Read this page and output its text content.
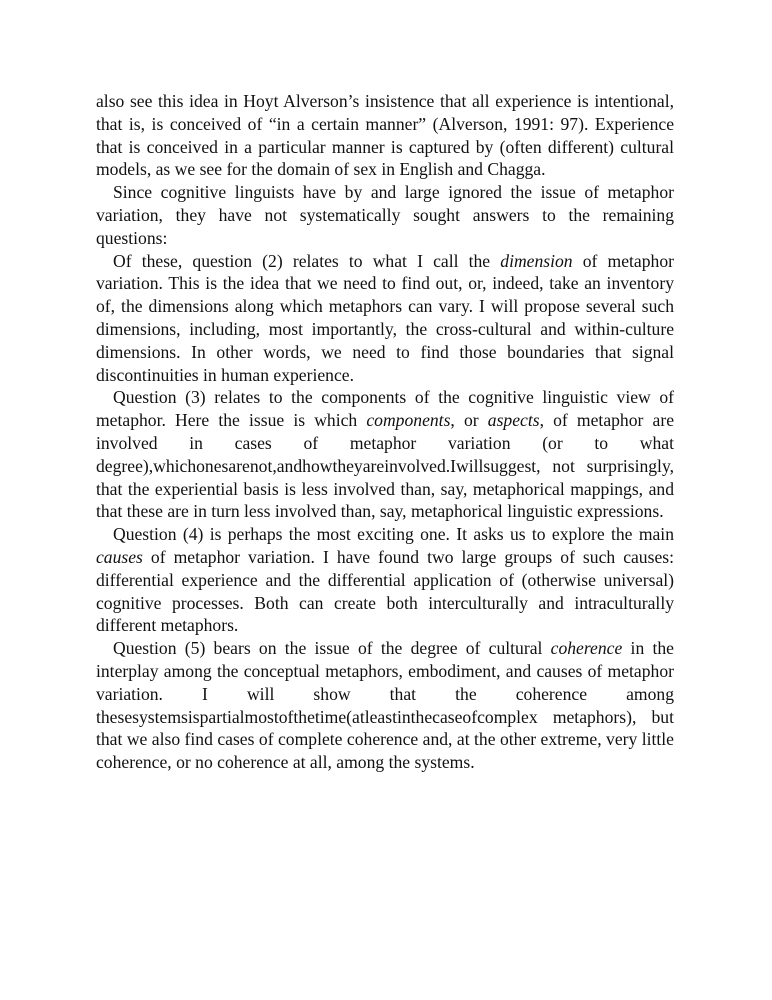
also see this idea in Hoyt Alverson’s insistence that all experience is intentional, that is, is conceived of “in a certain manner” (Alverson, 1991: 97). Experience that is conceived in a particular manner is captured by (often different) cultural models, as we see for the domain of sex in English and Chagga.

Since cognitive linguists have by and large ignored the issue of metaphor variation, they have not systematically sought answers to the remaining questions:

Of these, question (2) relates to what I call the dimension of metaphor variation. This is the idea that we need to find out, or, indeed, take an inventory of, the dimensions along which metaphors can vary. I will propose several such dimensions, including, most importantly, the cross-cultural and within-culture dimensions. In other words, we need to find those boundaries that signal discontinuities in human experience.

Question (3) relates to the components of the cognitive linguistic view of metaphor. Here the issue is which components, or aspects, of metaphor are involved in cases of metaphor variation (or to what degree),whichonesarenot,andhowtheyareinvolved.Iwillsuggest, not surprisingly, that the experiential basis is less involved than, say, metaphorical mappings, and that these are in turn less involved than, say, metaphorical linguistic expressions.

Question (4) is perhaps the most exciting one. It asks us to explore the main causes of metaphor variation. I have found two large groups of such causes: differential experience and the differential application of (otherwise universal) cognitive processes. Both can create both interculturally and intraculturally different metaphors.

Question (5) bears on the issue of the degree of cultural coherence in the interplay among the conceptual metaphors, embodiment, and causes of metaphor variation. I will show that the coherence among thesesystemsispartialmostofthetime(atleastinthecaseofcomplex metaphors), but that we also find cases of complete coherence and, at the other extreme, very little coherence, or no coherence at all, among the systems.
